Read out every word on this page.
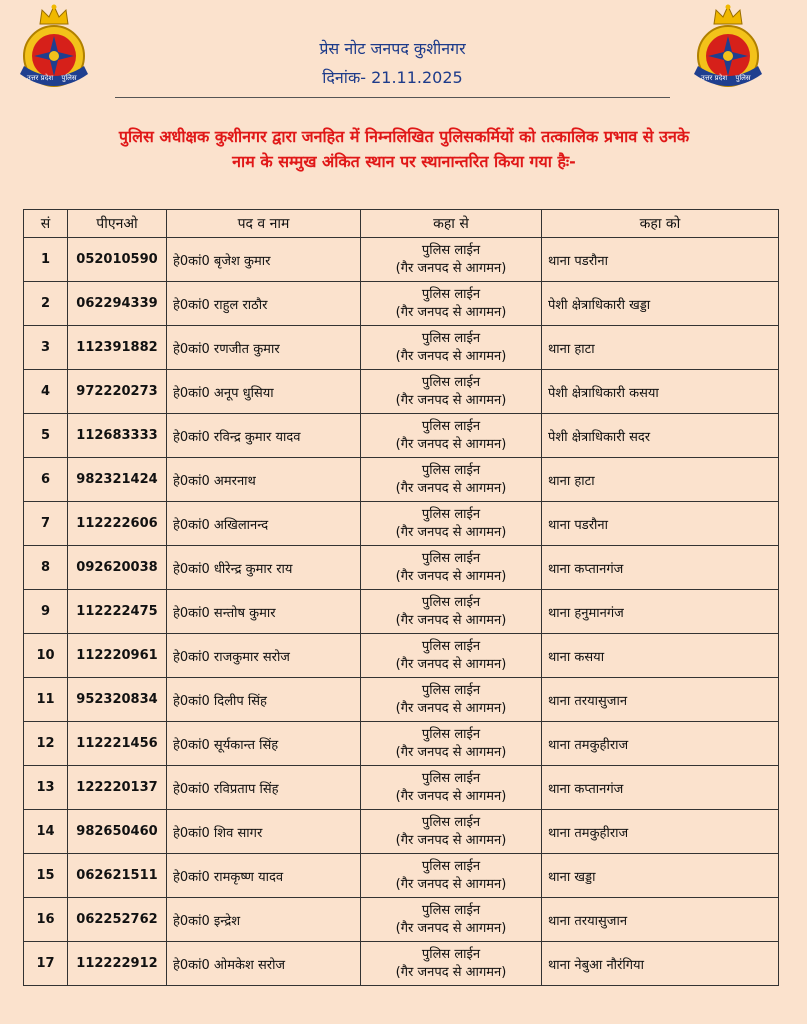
उत्तर प्रदेश पुलिस	उत्तर प्रदेश पुलिस
प्रेस नोट जनपद कुशीनगर
दिनांक- 21.11.2025
पुलिस अधीक्षक कुशीनगर द्वारा जनहित में निम्नलिखित पुलिसकर्मियों को तत्कालिक प्रभाव से उनके
नाम के सम्मुख अंकित स्थान पर स्थानान्तरित किया गया हैः-
सं	पीएनओ	पद व नाम	कहा से	कहा को
1	052010590	हे0कां0 बृजेश कुमार	पुलिस लाईन
(गैर जनपद से आगमन)	थाना पडरौना
2	062294339	हे0कां0 राहुल राठौर	पुलिस लाईन
(गैर जनपद से आगमन)	पेशी क्षेत्राधिकारी खड्डा
3	112391882	हे0कां0 रणजीत कुमार	पुलिस लाईन
(गैर जनपद से आगमन)	थाना हाटा
4	972220273	हे0कां0 अनूप धुसिया	पुलिस लाईन
(गैर जनपद से आगमन)	पेशी क्षेत्राधिकारी कसया
5	112683333	हे0कां0 रविन्द्र कुमार यादव	पुलिस लाईन
(गैर जनपद से आगमन)	पेशी क्षेत्राधिकारी सदर
6	982321424	हे0कां0 अमरनाथ	पुलिस लाईन
(गैर जनपद से आगमन)	थाना हाटा
7	112222606	हे0कां0 अखिलानन्द	पुलिस लाईन
(गैर जनपद से आगमन)	थाना पडरौना
8	092620038	हे0कां0 धीरेन्द्र कुमार राय	पुलिस लाईन
(गैर जनपद से आगमन)	थाना कप्तानगंज
9	112222475	हे0कां0 सन्तोष कुमार	पुलिस लाईन
(गैर जनपद से आगमन)	थाना हनुमानगंज
10	112220961	हे0कां0 राजकुमार सरोज	पुलिस लाईन
(गैर जनपद से आगमन)	थाना कसया
11	952320834	हे0कां0 दिलीप सिंह	पुलिस लाईन
(गैर जनपद से आगमन)	थाना तरयासुजान
12	112221456	हे0कां0 सूर्यकान्त सिंह	पुलिस लाईन
(गैर जनपद से आगमन)	थाना तमकुहीराज
13	122220137	हे0कां0 रविप्रताप सिंह	पुलिस लाईन
(गैर जनपद से आगमन)	थाना कप्तानगंज
14	982650460	हे0कां0 शिव सागर	पुलिस लाईन
(गैर जनपद से आगमन)	थाना तमकुहीराज
15	062621511	हे0कां0 रामकृष्ण यादव	पुलिस लाईन
(गैर जनपद से आगमन)	थाना खड्डा
16	062252762	हे0कां0 इन्द्रेश	पुलिस लाईन
(गैर जनपद से आगमन)	थाना तरयासुजान
17	112222912	हे0कां0 ओमकेश सरोज	पुलिस लाईन
(गैर जनपद से आगमन)	थाना नेबुआ नौरंगिया
